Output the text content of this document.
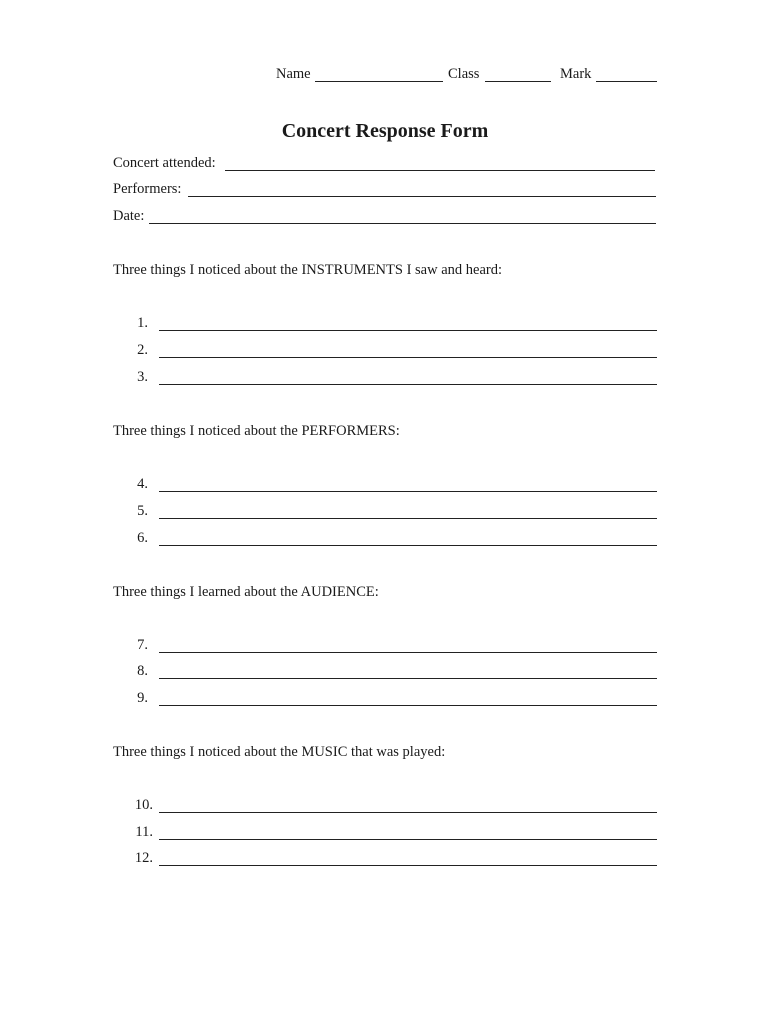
Name	Class	Mark
Concert Response Form
Concert attended:
Performers:
Date:
Three things I noticed about the INSTRUMENTS I saw and heard:
1.
2.
3.
Three things I noticed about the PERFORMERS:
4.
5.
6.
Three things I learned about the AUDIENCE:
7.
8.
9.
Three things I noticed about the MUSIC that was played:
10.
11.
12.
